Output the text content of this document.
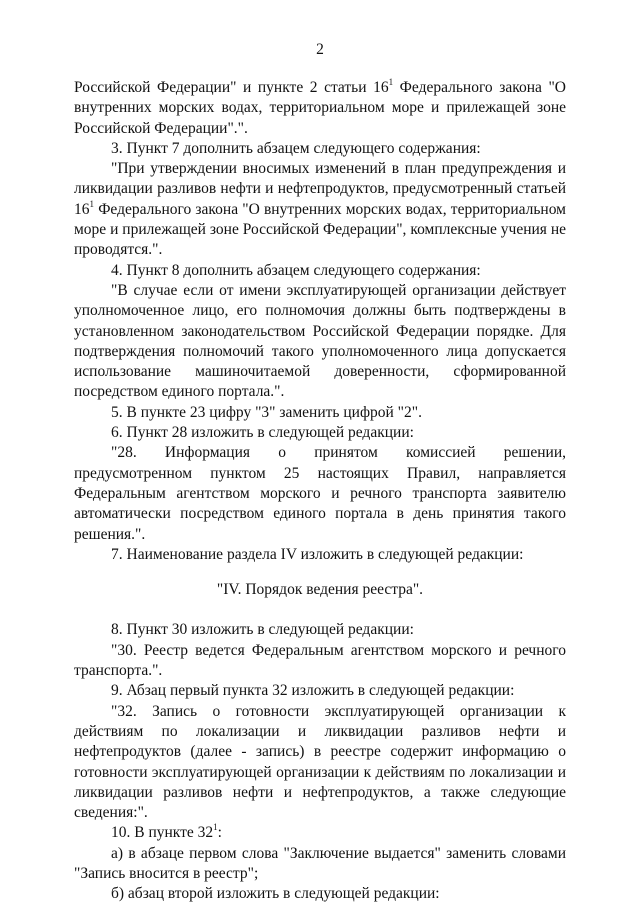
2

Российской Федерации" и пункте 2 статьи $16^1$ Федерального закона "О внутренних морских водах, территориальном море и прилежащей зоне Российской Федерации".".

3. Пункт 7 дополнить абзацем следующего содержания:

"При утверждении вносимых изменений в план предупреждения и ликвидации разливов нефти и нефтепродуктов, предусмотренный статьей $16^1$ Федерального закона "О внутренних морских водах, территориальном море и прилежащей зоне Российской Федерации", комплексные учения не проводятся.".

4. Пункт 8 дополнить абзацем следующего содержания:

"В случае если от имени эксплуатирующей организации действует уполномоченное лицо, его полномочия должны быть подтверждены в установленном законодательством Российской Федерации порядке. Для подтверждения полномочий такого уполномоченного лица допускается использование машиночитаемой доверенности, сформированной посредством единого портала.".

5. В пункте 23 цифру "3" заменить цифрой "2".

6. Пункт 28 изложить в следующей редакции:

"28. Информация о принятом комиссией решении, предусмотренном пунктом 25 настоящих Правил, направляется Федеральным агентством морского и речного транспорта заявителю автоматически посредством единого портала в день принятия такого решения.".

7. Наименование раздела IV изложить в следующей редакции:

"IV. Порядок ведения реестра".

8. Пункт 30 изложить в следующей редакции:

"30. Реестр ведется Федеральным агентством морского и речного транспорта.".

9. Абзац первый пункта 32 изложить в следующей редакции:

"32. Запись о готовности эксплуатирующей организации к действиям по локализации и ликвидации разливов нефти и нефтепродуктов (далее - запись) в реестре содержит информацию о готовности эксплуатирующей организации к действиям по локализации и ликвидации разливов нефти и нефтепродуктов, а также следующие сведения:".

10. В пункте $32^1$:

а) в абзаце первом слова "Заключение выдается" заменить словами "Запись вносится в реестр";

б) абзац второй изложить в следующей редакции:
